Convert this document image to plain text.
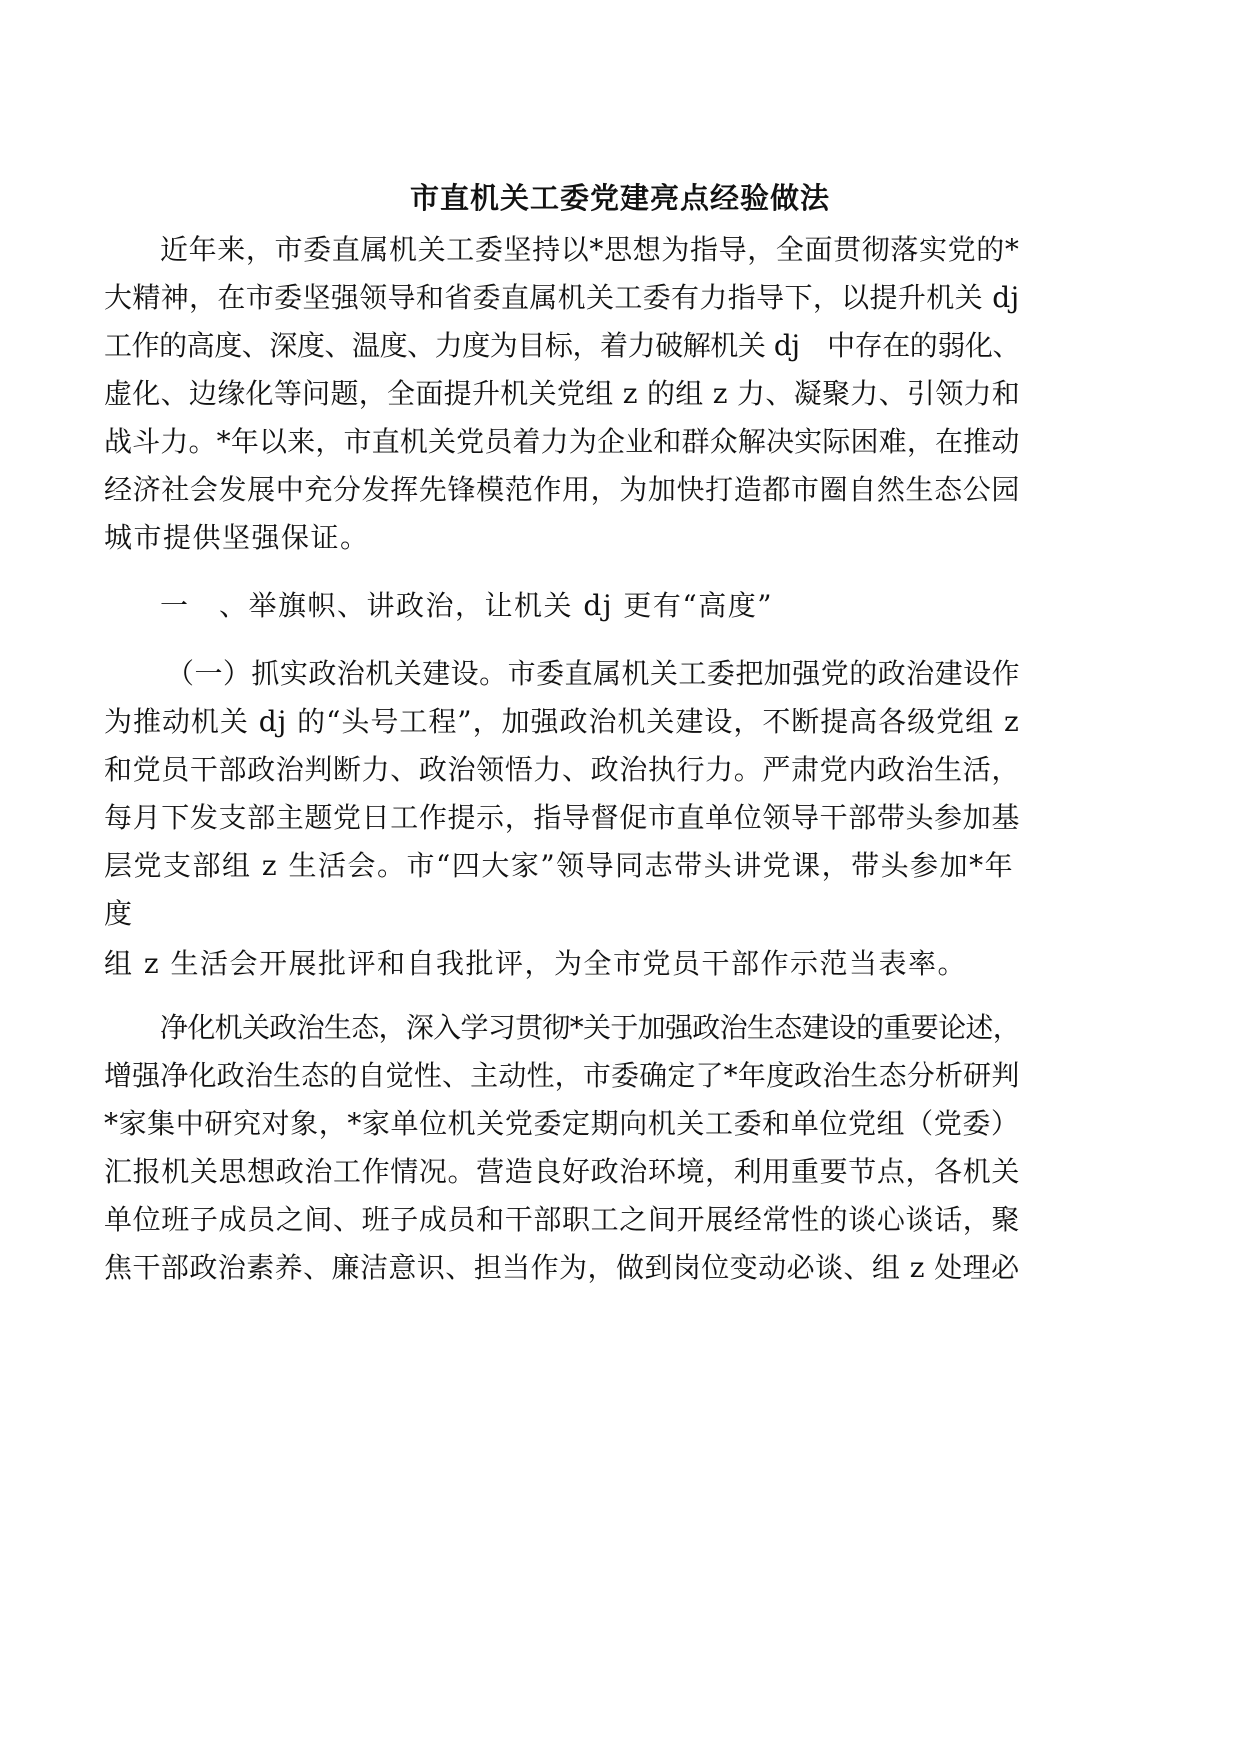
市直机关工委党建亮点经验做法
近年来，市委直属机关工委坚持以*思想为指导，全面贯彻落实党的*
大精神，在市委坚强领导和省委直属机关工委有力指导下，以提升机关 dj
工作的高度、深度、温度、力度为目标，着力破解机关 dj　中存在的弱化、
虚化、边缘化等问题，全面提升机关党组 z 的组 z 力、凝聚力、引领力和
战斗力。*年以来，市直机关党员着力为企业和群众解决实际困难，在推动
经济社会发展中充分发挥先锋模范作用，为加快打造都市圈自然生态公园
城市提供坚强保证。
一　、举旗帜、讲政治，让机关 dj 更有“高度”
（一）抓实政治机关建设。市委直属机关工委把加强党的政治建设作
为推动机关 dj 的“头号工程”，加强政治机关建设，不断提高各级党组 z
和党员干部政治判断力、政治领悟力、政治执行力。严肃党内政治生活，
每月下发支部主题党日工作提示，指导督促市直单位领导干部带头参加基
层党支部组 z 生活会。市“四大家”领导同志带头讲党课，带头参加*年
度
组 z 生活会开展批评和自我批评，为全市党员干部作示范当表率。
净化机关政治生态，深入学习贯彻*关于加强政治生态建设的重要论述，
增强净化政治生态的自觉性、主动性，市委确定了*年度政治生态分析研判
*家集中研究对象，*家单位机关党委定期向机关工委和单位党组（党委）
汇报机关思想政治工作情况。营造良好政治环境，利用重要节点，各机关
单位班子成员之间、班子成员和干部职工之间开展经常性的谈心谈话，聚
焦干部政治素养、廉洁意识、担当作为，做到岗位变动必谈、组 z 处理必
